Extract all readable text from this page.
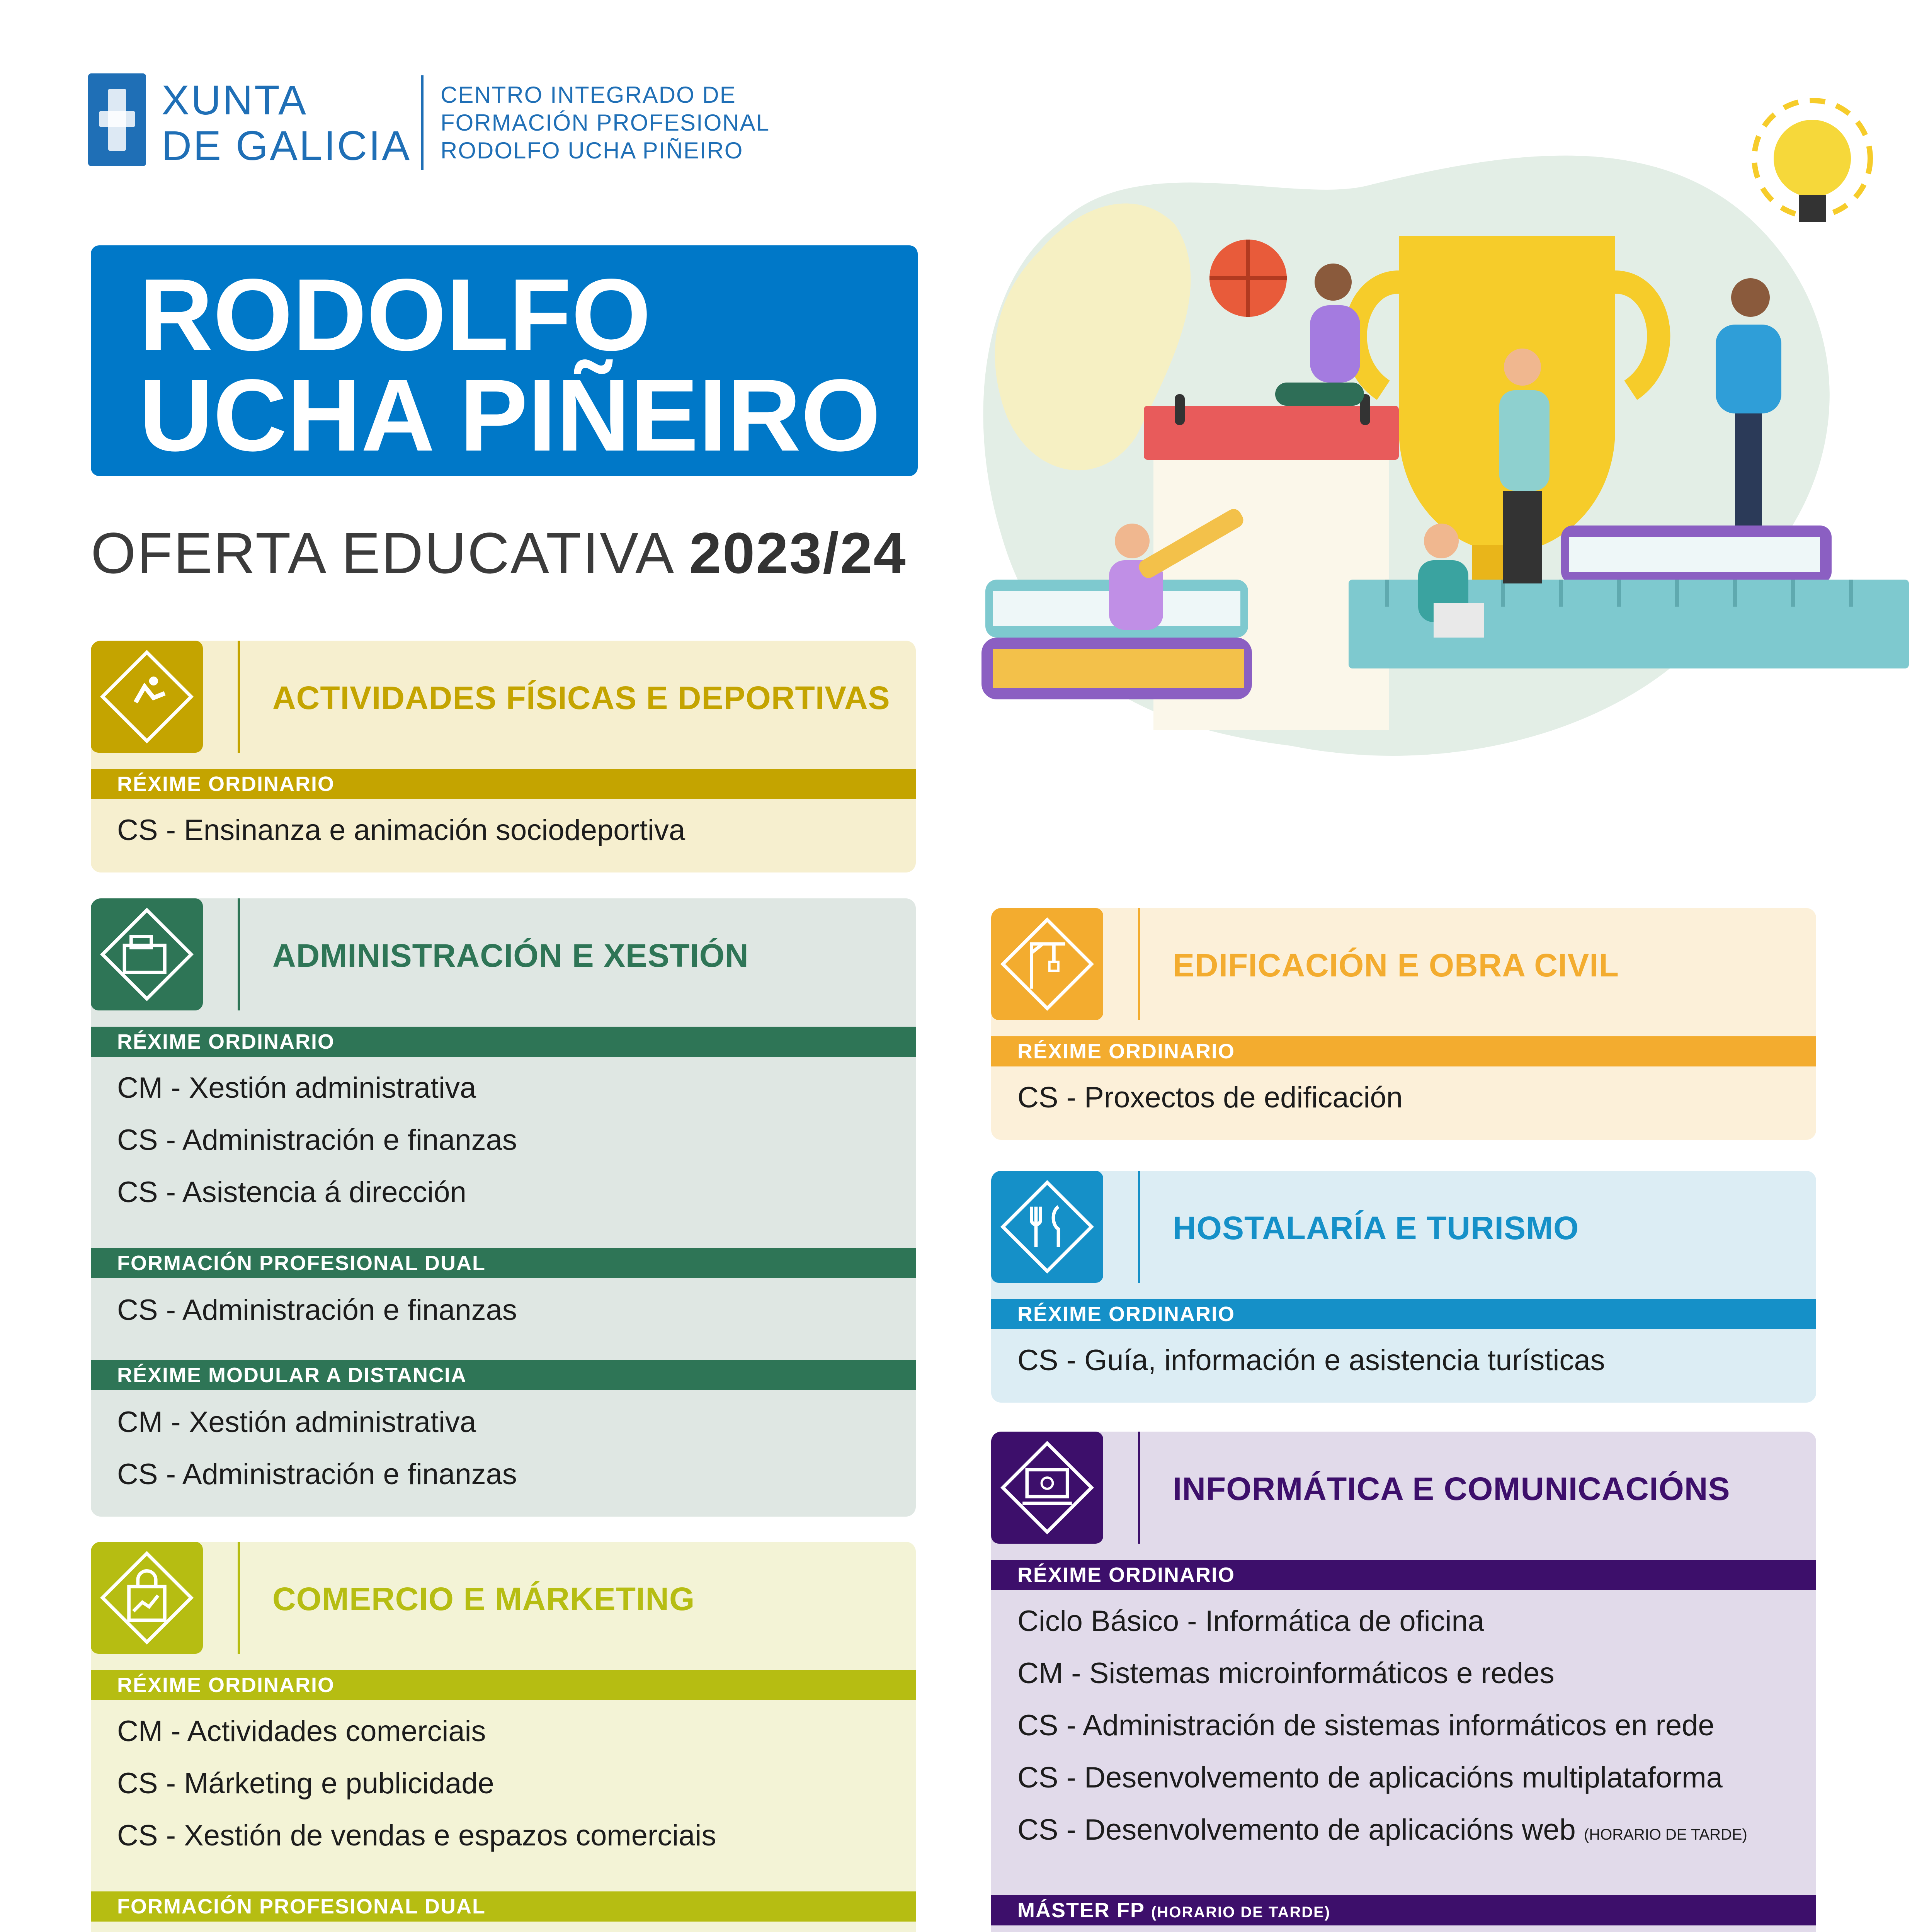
XUNTA
DE GALICIA
CENTRO INTEGRADO DE
FORMACIÓN PROFESIONAL
RODOLFO UCHA PIÑEIRO
RODOLFO
UCHA PIÑEIRO
OFERTA EDUCATIVA 2023/24
ACTIVIDADES FÍSICAS E DEPORTIVAS
RÉXIME ORDINARIO
CS - Ensinanza e animación sociodeportiva
ADMINISTRACIÓN E XESTIÓN
RÉXIME ORDINARIO
CM - Xestión administrativa
CS - Administración e finanzas
CS - Asistencia á dirección
FORMACIÓN PROFESIONAL DUAL
CS - Administración e finanzas
RÉXIME MODULAR A DISTANCIA
CM - Xestión administrativa
CS - Administración e finanzas
COMERCIO E MÁRKETING
RÉXIME ORDINARIO
CM - Actividades comerciais
CS - Márketing e publicidade
CS - Xestión de vendas e espazos comerciais
FORMACIÓN PROFESIONAL DUAL
EDIFICACIÓN E OBRA CIVIL
RÉXIME ORDINARIO
CS - Proxectos de edificación
HOSTALARÍA E TURISMO
RÉXIME ORDINARIO
CS - Guía, información e asistencia turísticas
INFORMÁTICA E COMUNICACIÓNS
RÉXIME ORDINARIO
Ciclo Básico - Informática de oficina
CM - Sistemas microinformáticos e redes
CS - Administración de sistemas informáticos en rede
CS - Desenvolvemento de aplicacións multiplataforma
CS - Desenvolvemento de aplicacións web (HORARIO DE TARDE)
MÁSTER FP (HORARIO DE TARDE)
